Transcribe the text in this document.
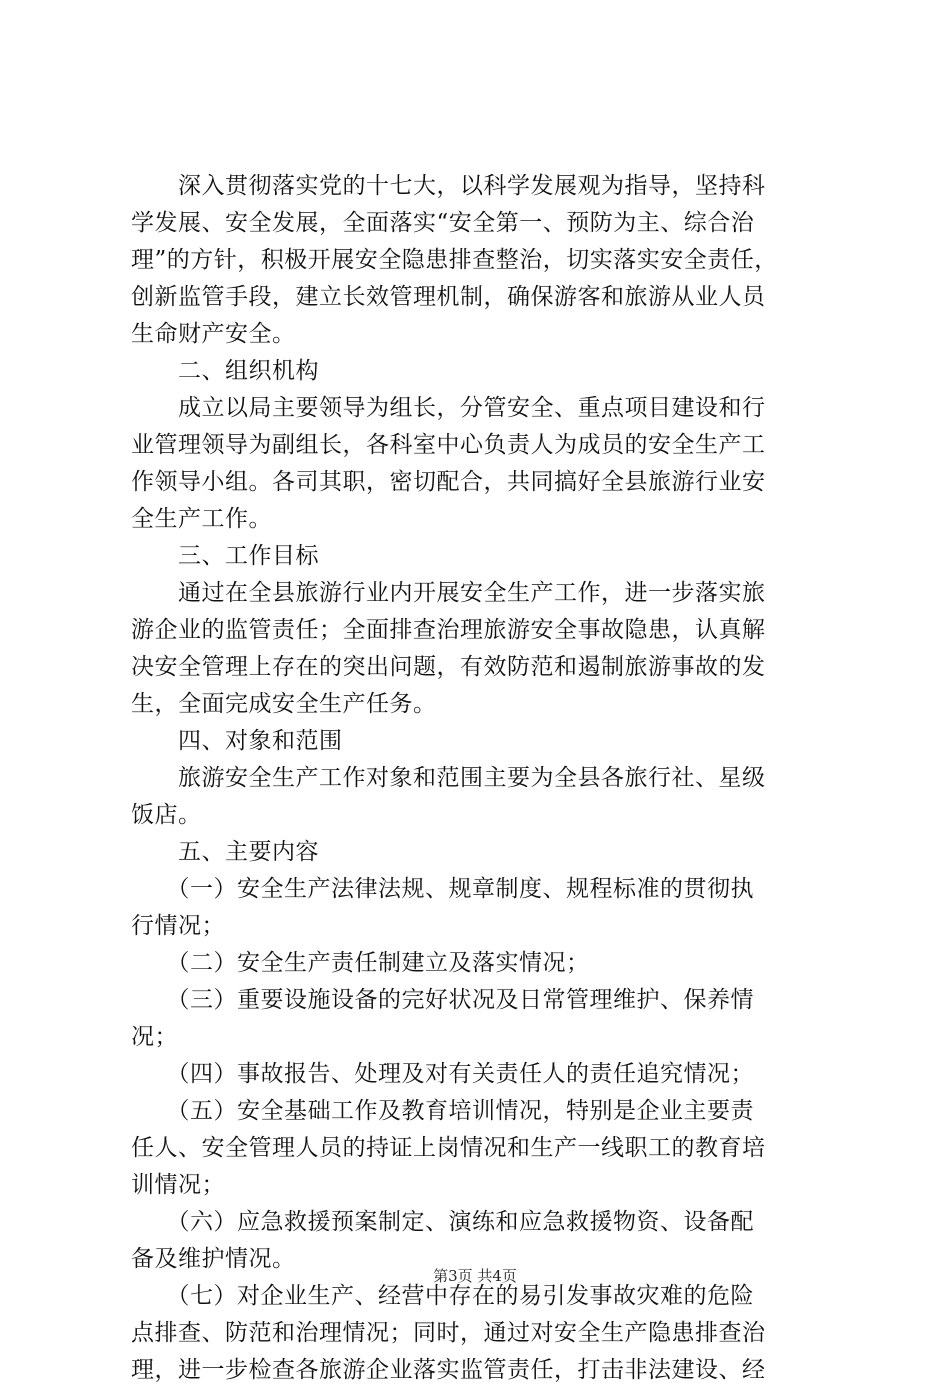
　　深入贯彻落实党的十七大，以科学发展观为指导，坚持科
学发展、安全发展，全面落实“安全第一、预防为主、综合治
理”的方针，积极开展安全隐患排查整治，切实落实安全责任，
创新监管手段，建立长效管理机制，确保游客和旅游从业人员
生命财产安全。
　　二、组织机构
　　成立以局主要领导为组长，分管安全、重点项目建设和行
业管理领导为副组长，各科室中心负责人为成员的安全生产工
作领导小组。各司其职，密切配合，共同搞好全县旅游行业安
全生产工作。
　　三、工作目标
　　通过在全县旅游行业内开展安全生产工作，进一步落实旅
游企业的监管责任；全面排查治理旅游安全事故隐患，认真解
决安全管理上存在的突出问题，有效防范和遏制旅游事故的发
生，全面完成安全生产任务。
　　四、对象和范围
　　旅游安全生产工作对象和范围主要为全县各旅行社、星级
饭店。
　　五、主要内容
　　（一）安全生产法律法规、规章制度、规程标准的贯彻执
行情况；
　　（二）安全生产责任制建立及落实情况；
　　（三）重要设施设备的完好状况及日常管理维护、保养情
况；
　　（四）事故报告、处理及对有关责任人的责任追究情况；
　　（五）安全基础工作及教育培训情况，特别是企业主要责
任人、安全管理人员的持证上岗情况和生产一线职工的教育培
训情况；
　　（六）应急救援预案制定、演练和应急救援物资、设备配
备及维护情况。
　　（七）对企业生产、经营中存在的易引发事故灾难的危险
点排查、防范和治理情况；同时，通过对安全生产隐患排查治
理，进一步检查各旅游企业落实监管责任，打击非法建设、经
第3页 共4页
